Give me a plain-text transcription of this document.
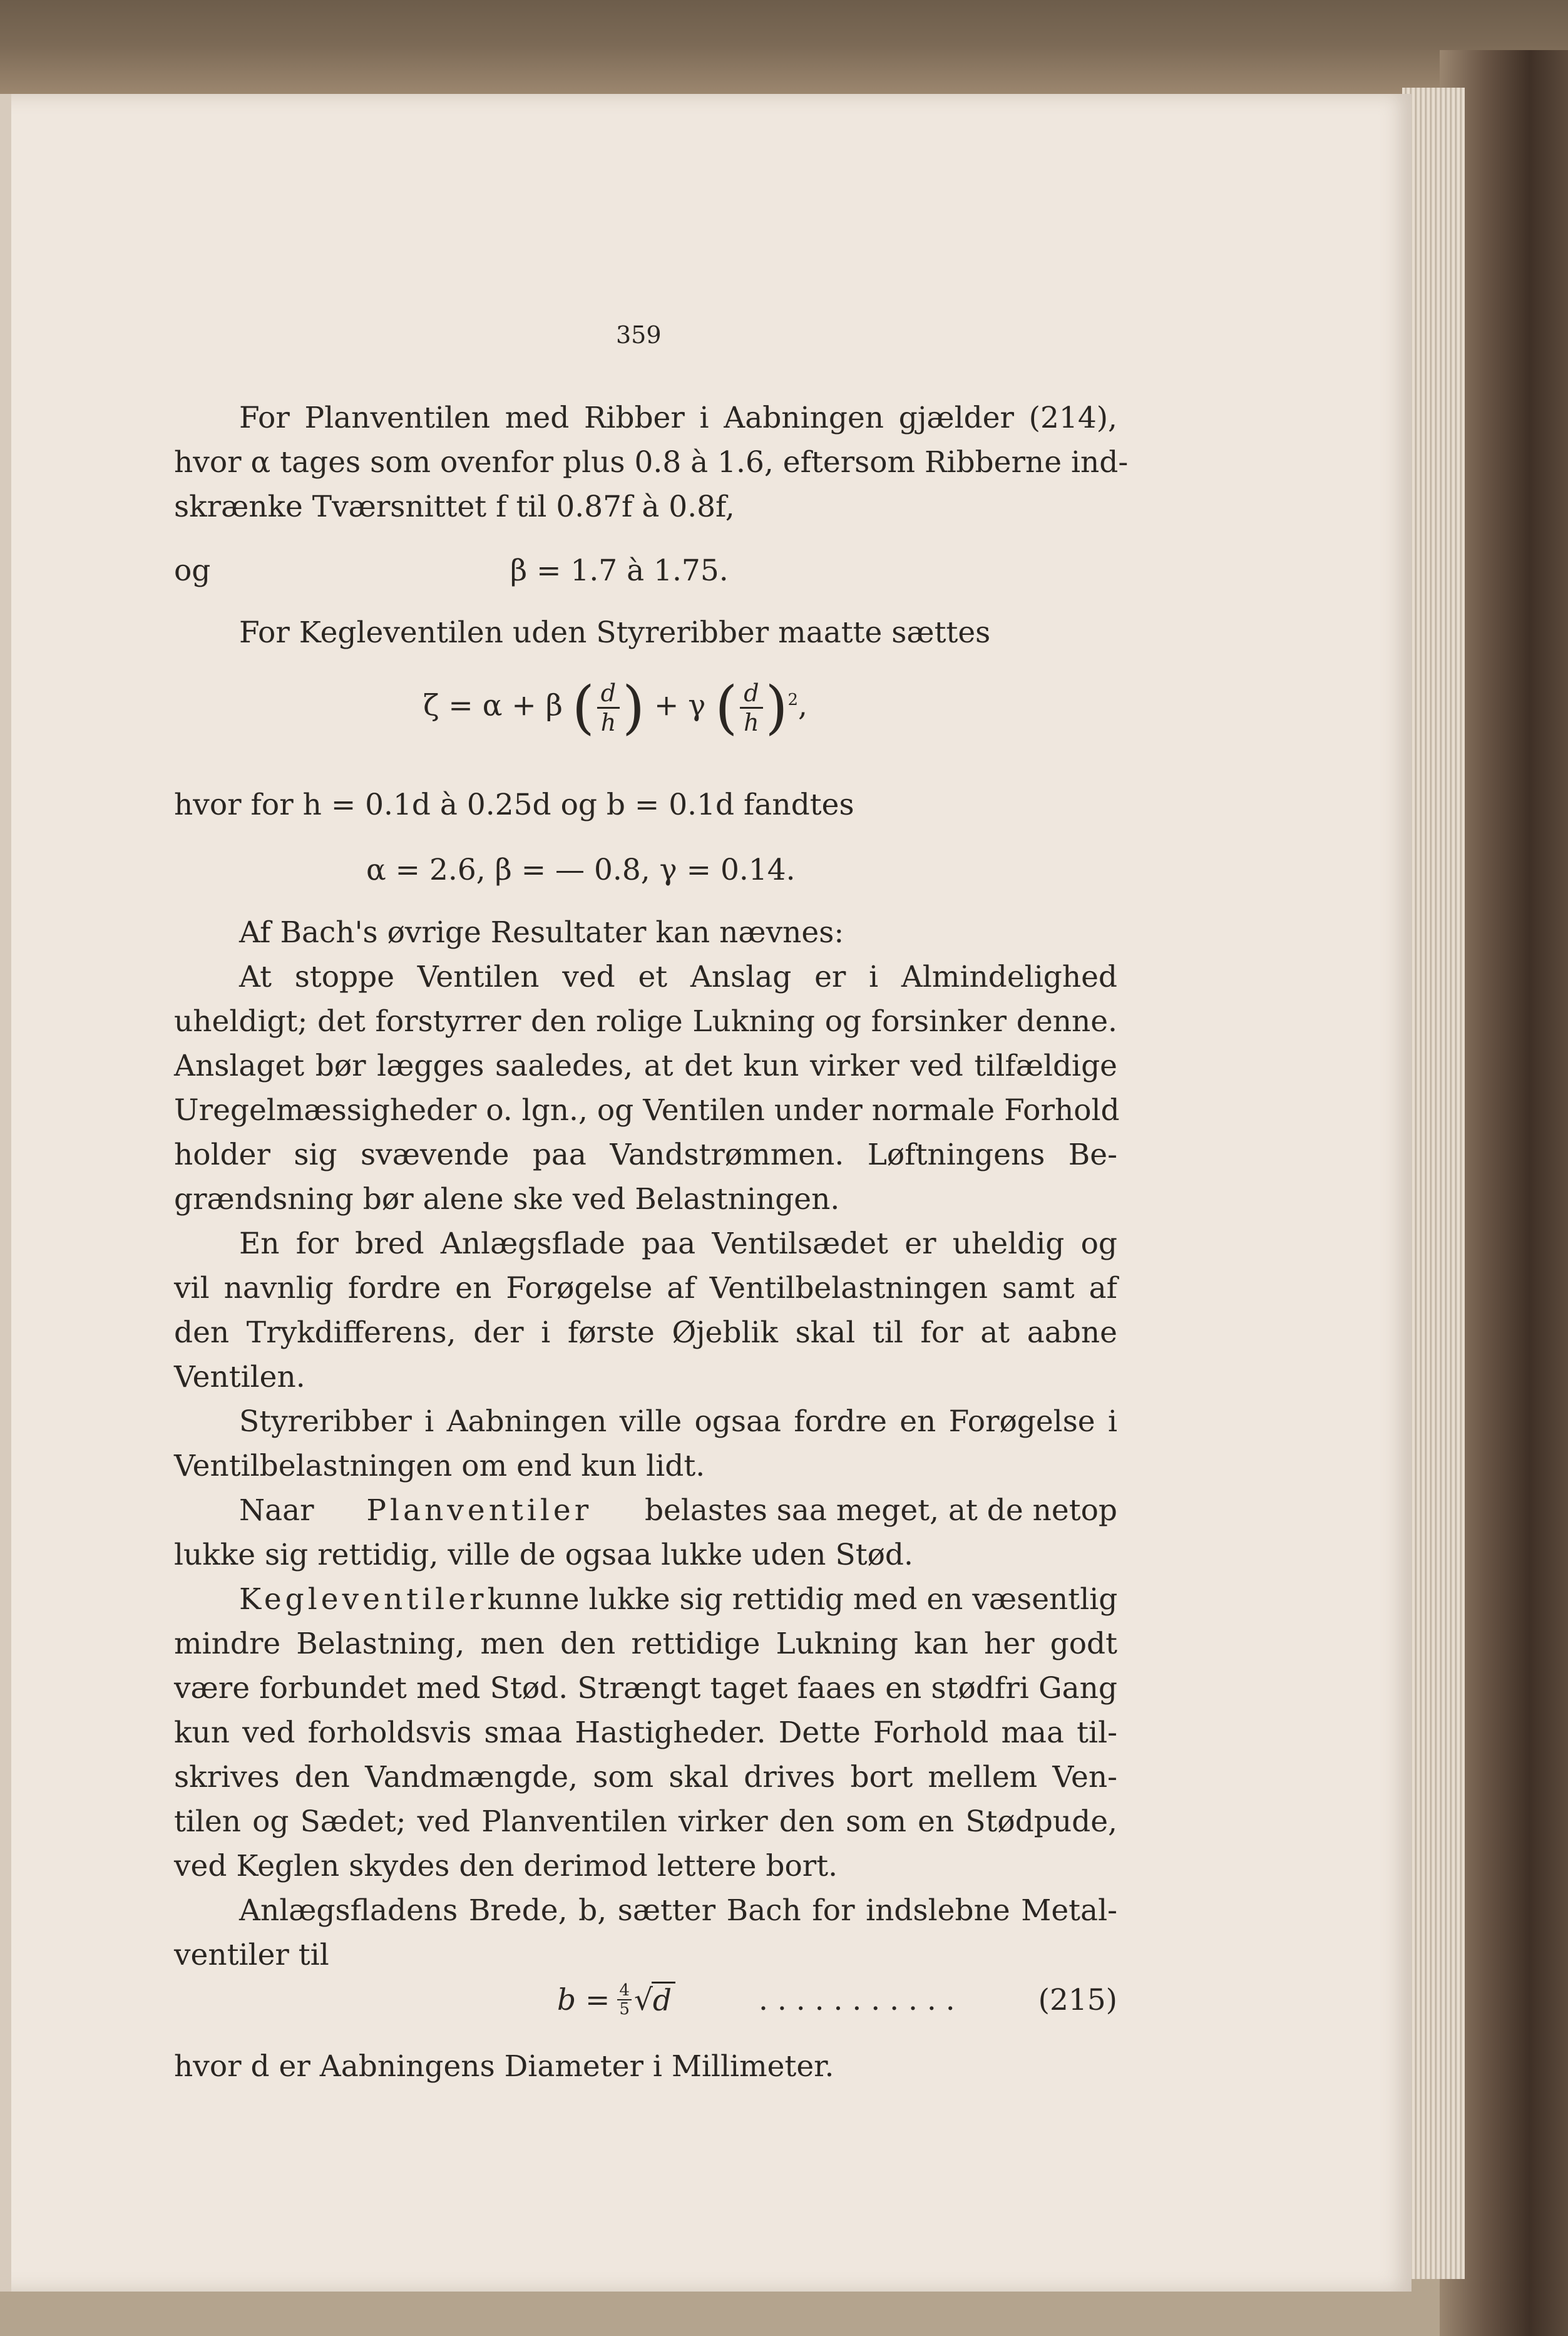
359
For Planventilen med Ribber i Aabningen gjælder (214),
hvor α tages som ovenfor plus 0.8 à 1.6, eftersom Ribberne ind-
skrænke Tværsnittet f til 0.87f à 0.8f,
og	β = 1.7 à 1.75.
For Kegleventilen uden Styreribber maatte sættes
ζ = α + β ( $\frac{d}{h}$ ) + γ ( $\frac{d}{h} )^2$,
hvor for h = 0.1d à 0.25d og b = 0.1d fandtes
α = 2.6, β = — 0.8, γ = 0.14.
Af Bach's øvrige Resultater kan nævnes:
At stoppe Ventilen ved et Anslag er i Almindelighed
uheldigt; det forstyrrer den rolige Lukning og forsinker denne.
Anslaget bør lægges saaledes, at det kun virker ved tilfældige
Uregelmæssigheder o. lgn., og Ventilen under normale Forhold
holder sig svævende paa Vandstrømmen. Løftningens Be-
grændsning bør alene ske ved Belastningen.
En for bred Anlægsflade paa Ventilsædet er uheldig og
vil navnlig fordre en Forøgelse af Ventilbelastningen samt af
den Trykdifferens, der i første Øjeblik skal til for at aabne
Ventilen.
Styreribber i Aabningen ville ogsaa fordre en Forøgelse i
Ventilbelastningen om end kun lidt.
Naar Planventiler belastes saa meget, at de netop
lukke sig rettidig, ville de ogsaa lukke uden Stød.
Kegleventiler kunne lukke sig rettidig med en væsentlig
mindre Belastning, men den rettidige Lukning kan her godt
være forbundet med Stød. Strængt taget faaes en stødfri Gang
kun ved forholdsvis smaa Hastigheder. Dette Forhold maa til-
skrives den Vandmængde, som skal drives bort mellem Ven-
tilen og Sædet; ved Planventilen virker den som en Stødpude,
ved Keglen skydes den derimod lettere bort.
Anlægsfladens Brede, b, sætter Bach for indslebne Metal-
ventiler til
$b = \frac{4}{5}$ √ d	. . . . . . . . . . .	(215)
hvor d er Aabningens Diameter i Millimeter.
